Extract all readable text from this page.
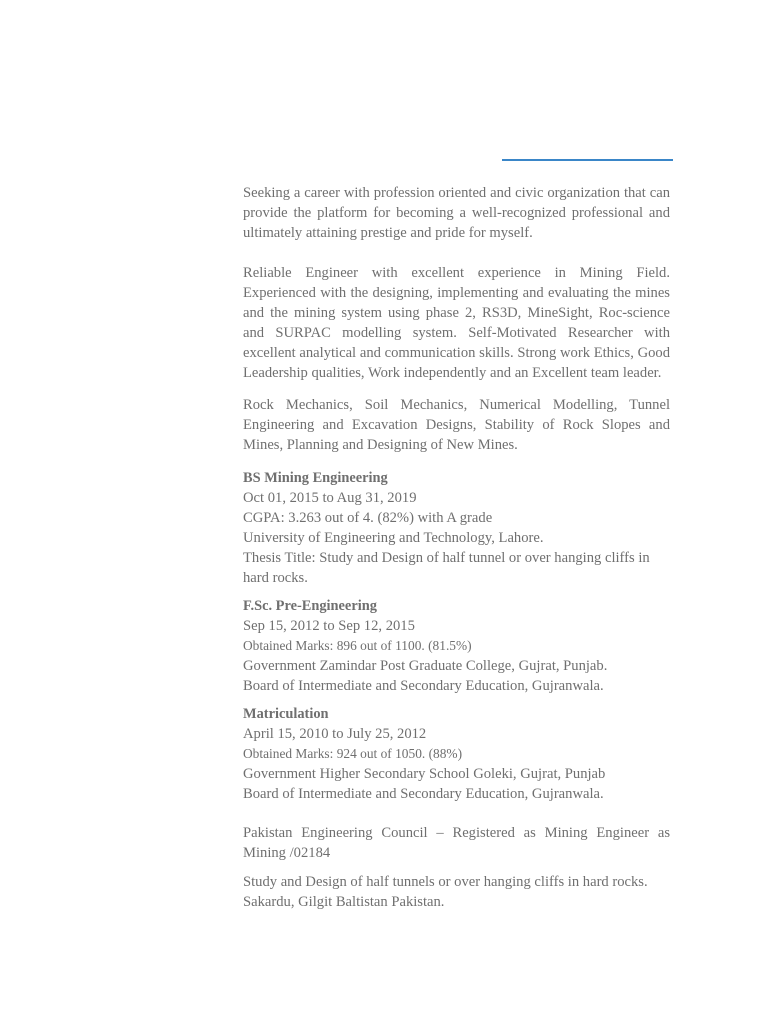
Seeking a career with profession oriented and civic organization that can provide the platform for becoming a well-recognized professional and ultimately attaining prestige and pride for myself.

Reliable Engineer with excellent experience in Mining Field. Experienced with the designing, implementing and evaluating the mines and the mining system using phase 2, RS3D, MineSight, Roc-science and SURPAC modelling system. Self-Motivated Researcher with excellent analytical and communication skills. Strong work Ethics, Good Leadership qualities, Work independently and an Excellent team leader.

Rock Mechanics, Soil Mechanics, Numerical Modelling, Tunnel Engineering and Excavation Designs, Stability of Rock Slopes and Mines, Planning and Designing of New Mines.

BS Mining Engineering

Oct 01, 2015 to Aug 31, 2019

CGPA: 3.263 out of 4. (82%) with A grade

University of Engineering and Technology, Lahore.

Thesis Title: Study and Design of half tunnel or over hanging cliffs in hard rocks.

F.Sc. Pre-Engineering

Sep 15, 2012 to Sep 12, 2015

Obtained Marks: 896 out of 1100. (81.5%)

Government Zamindar Post Graduate College, Gujrat, Punjab.

Board of Intermediate and Secondary Education, Gujranwala.

Matriculation

April 15, 2010 to July 25, 2012

Obtained Marks: 924 out of 1050. (88%)

Government Higher Secondary School Goleki, Gujrat, Punjab

Board of Intermediate and Secondary Education, Gujranwala.

Pakistan Engineering Council – Registered as Mining Engineer as Mining /02184

Study and Design of half tunnels or over hanging cliffs in hard rocks.

Sakardu, Gilgit Baltistan Pakistan.
